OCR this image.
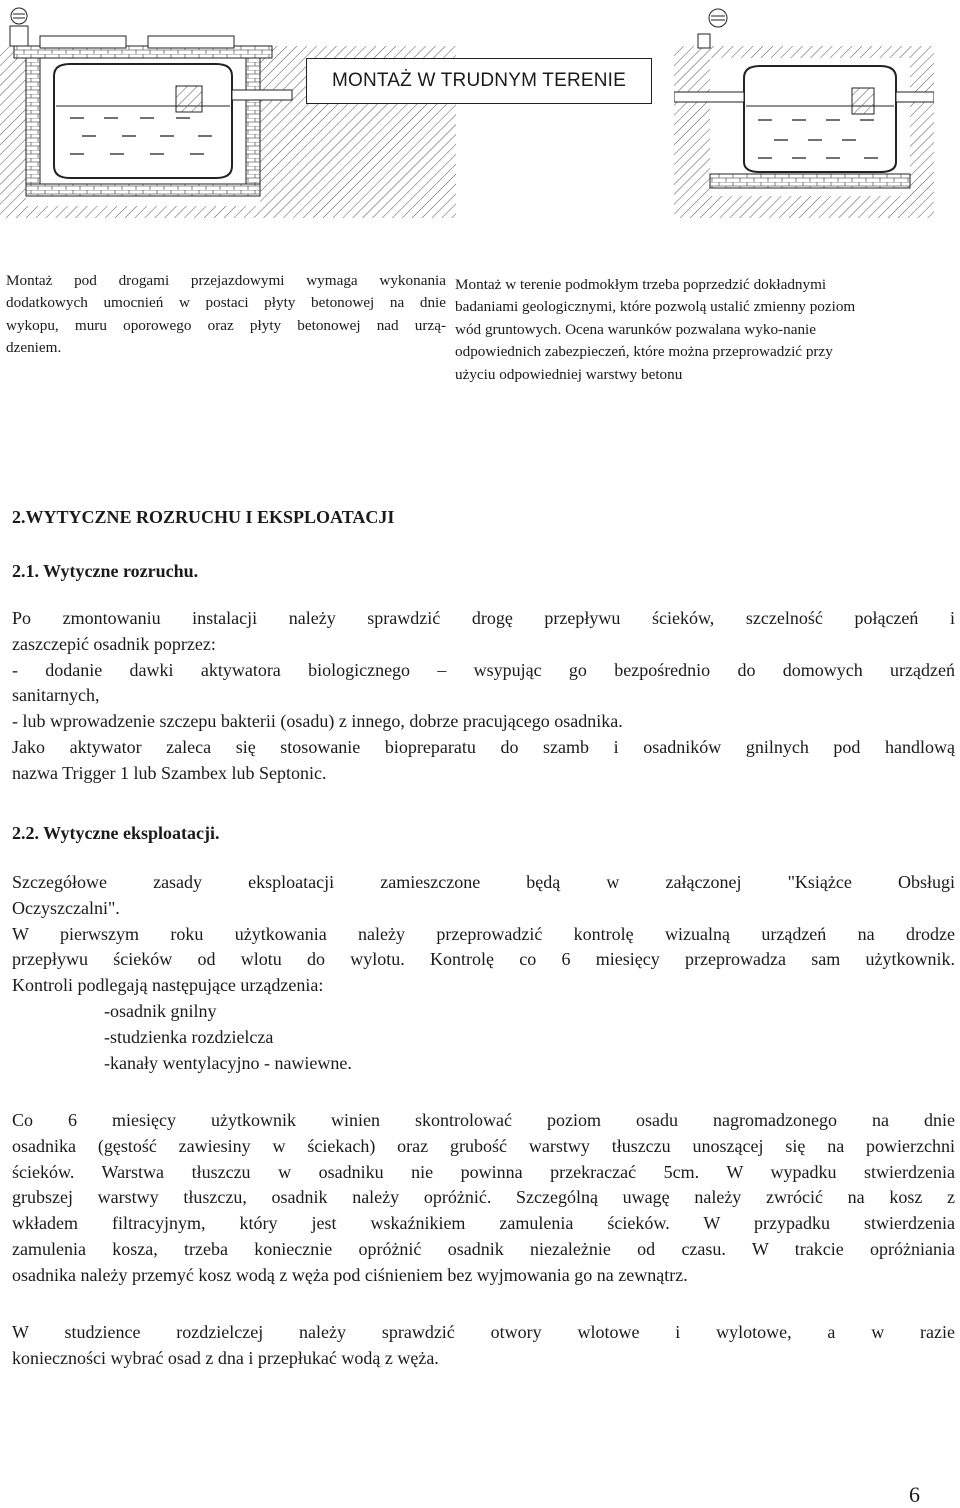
MONTAŻ W TRUDNYM TERENIE
Montaż pod drogami przejazdowymi wymaga wykonania
dodatkowych umocnień w postaci płyty betonowej na dnie
wykopu, muru oporowego oraz płyty betonowej nad urzą-
dzeniem.
Montaż w terenie podmokłym trzeba poprzedzić dokładnymi
badaniami geologicznymi, które pozwolą ustalić zmienny poziom
wód gruntowych. Ocena warunków pozwalana wyko-nanie
odpowiednich zabezpieczeń, które można przeprowadzić przy
użyciu odpowiedniej warstwy betonu
2.WYTYCZNE ROZRUCHU I EKSPLOATACJI
2.1. Wytyczne rozruchu.
2.2. Wytyczne eksploatacji.
Po zmontowaniu instalacji należy sprawdzić drogę przepływu ścieków, szczelność połączeń i
zaszczepić osadnik poprzez:
- dodanie dawki aktywatora biologicznego – wsypując go bezpośrednio do domowych urządzeń
sanitarnych,
- lub wprowadzenie szczepu bakterii (osadu) z innego, dobrze pracującego osadnika.
Jako aktywator zaleca się stosowanie biopreparatu do szamb i osadników gnilnych pod handlową
nazwa Trigger 1 lub Szambex lub Septonic.
Szczegółowe zasady eksploatacji zamieszczone będą w załączonej "Książce Obsługi
Oczyszczalni".
W pierwszym roku użytkowania należy przeprowadzić kontrolę wizualną urządzeń na drodze
przepływu ścieków od wlotu do wylotu. Kontrolę co 6 miesięcy przeprowadza sam użytkownik.
Kontroli podlegają następujące urządzenia:
-osadnik gnilny
-studzienka rozdzielcza
-kanały wentylacyjno - nawiewne.
Co 6 miesięcy użytkownik winien skontrolować poziom osadu nagromadzonego na dnie
osadnika (gęstość zawiesiny w ściekach) oraz grubość warstwy tłuszczu unoszącej się na powierzchni
ścieków. Warstwa tłuszczu w osadniku nie powinna przekraczać 5cm. W wypadku stwierdzenia
grubszej warstwy tłuszczu, osadnik należy opróżnić. Szczególną uwagę należy zwrócić na kosz z
wkładem filtracyjnym, który jest wskaźnikiem zamulenia ścieków. W przypadku stwierdzenia
zamulenia kosza, trzeba koniecznie opróżnić osadnik niezależnie od czasu. W trakcie opróżniania
osadnika należy przemyć kosz wodą z węża pod ciśnieniem bez wyjmowania go na zewnątrz.
W studzience rozdzielczej należy sprawdzić otwory wlotowe i wylotowe, a w razie
konieczności wybrać osad z dna i przepłukać wodą z węża.
6
